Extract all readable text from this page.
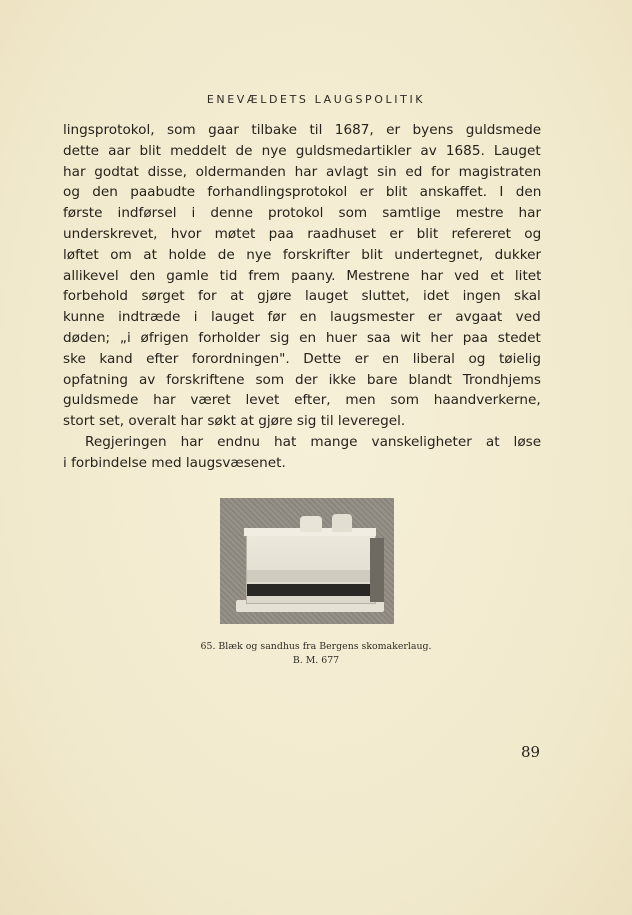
ENEVÆLDETS LAUGSPOLITIK
lingsprotokol, som gaar tilbake til 1687, er byens guldsmede
dette aar blit meddelt de nye guldsmedartikler av 1685. Lauget
har godtat disse, oldermanden har avlagt sin ed for magistraten
og den paabudte forhandlingsprotokol er blit anskaffet. I den
første indførsel i denne protokol som samtlige mestre har
underskrevet, hvor møtet paa raadhuset er blit refereret og
løftet om at holde de nye forskrifter blit undertegnet, dukker
allikevel den gamle tid frem paany. Mestrene har ved et litet
forbehold sørget for at gjøre lauget sluttet, idet ingen skal
kunne indtræde i lauget før en laugsmester er avgaat ved
døden; „i øfrigen forholder sig en huer saa wit her paa stedet
ske kand efter forordningen". Dette er en liberal og tøielig
opfatning av forskriftene som der ikke bare blandt Trondhjems
guldsmede har været levet efter, men som haandverkerne,
stort set, overalt har søkt at gjøre sig til leveregel.
Regjeringen har endnu hat mange vanskeligheter at løse
i forbindelse med laugsvæsenet.
65. Blæk og sandhus fra Bergens skomakerlaug.
B. M. 677
89
